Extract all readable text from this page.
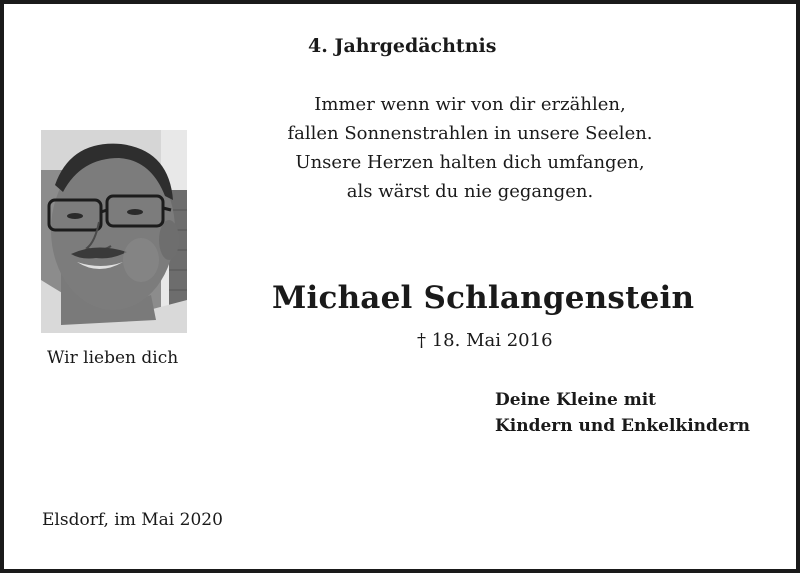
4. Jahrgedächtnis
Immer wenn wir von dir erzählen,
fallen Sonnenstrahlen in unsere Seelen.
Unsere Herzen halten dich umfangen,
als wärst du nie gegangen.
Wir lieben dich
Michael Schlangenstein
† 18. Mai 2016
Deine Kleine mit
Kindern und Enkelkindern
Elsdorf, im Mai 2020
